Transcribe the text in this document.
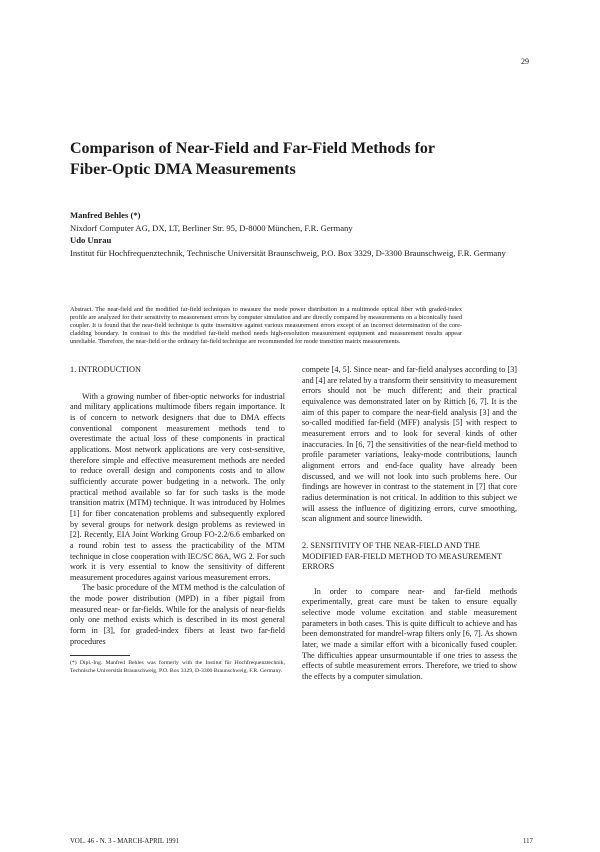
29
Comparison of Near-Field and Far-Field Methods for Fiber-Optic DMA Measurements
Manfred Behles (*)
Nixdorf Computer AG, DX, LT, Berliner Str. 95, D-8000 München, F.R. Germany
Udo Unrau
Institut für Hochfrequenztechnik, Technische Universität Braunschweig, P.O. Box 3329, D-3300 Braunschweig, F.R. Germany
Abstract. The near-field and the modified far-field techniques to measure the mode power distribution in a multimode optical fiber with graded-index profile are analyzed for their sensitivity to measurement errors by computer simulation and are directly compared by measurements on a biconically fused coupler. It is found that the near-field technique is quite insensitive against various measurement errors except of an incorrect determination of the core-cladding boundary. In contrast to this the modified far-field method needs high-resolution measurement equipment and measurement results appear unreliable. Therefore, the near-field or the ordinary far-field technique are recommended for mode transition matrix measurements.
1. INTRODUCTION

With a growing number of fiber-optic networks for industrial and military applications multimode fibers regain importance. It is of concern to network designers that due to DMA effects conventional component measurement methods tend to overestimate the actual loss of these components in practical applications. Most network applications are very cost-sensitive, therefore simple and effective measurement methods are needed to reduce overall design and components costs and to allow sufficiently accurate power budgeting in a network. The only practical method available so far for such tasks is the mode transition matrix (MTM) technique. It was introduced by Holmes [1] for fiber concatenation problems and subsequently explored by several groups for network design problems as reviewed in [2]. Recently, EIA Joint Working Group FO-2.2/6.6 embarked on a round robin test to assess the practicability of the MTM technique in close cooperation with IEC/SC 86A, WG 2. For such work it is very essential to know the sensitivity of different measurement procedures against various measurement errors.

The basic procedure of the MTM method is the calculation of the mode power distribution (MPD) in a fiber pigtail from measured near- or far-fields. While for the analysis of near-fields only one method exists which is described in its most general form in [3], for graded-index fibers at least two far-field procedures

(*) Dipl.-Ing. Manfred Behles was formerly with the Institut für Hochfrequenztechnik, Technische Universität Braunschweig, P.O. Box 3329, D-3300 Braunschweig, F.R. Germany.

compete [4, 5]. Since near- and far-field analyses according to [3] and [4] are related by a transform their sensitivity to measurement errors should not be much different; and their practical equivalence was demonstrated later on by Rittich [6, 7]. It is the aim of this paper to compare the near-field analysis [3] and the so-called modified far-field (MFF) analysis [5] with respect to measurement errors and to look for several kinds of other inaccuracies. In [6, 7] the sensitivities of the near-field method to profile parameter variations, leaky-mode contributions, launch alignment errors and end-face quality have already been discussed, and we will not look into such problems here. Our findings are however in contrast to the statement in [7] that core radius determination is not critical. In addition to this subject we will assess the influence of digitizing errors, curve smoothing, scan alignment and source linewidth.

2. SENSITIVITY OF THE NEAR-FIELD AND THE MODIFIED FAR-FIELD METHOD TO MEASUREMENT ERRORS

In order to compare near- and far-field methods experimentally, great care must be taken to ensure equally selective mode volume excitation and stable measurement parameters in both cases. This is quite difficult to achieve and has been demonstrated for mandrel-wrap filters only [6, 7]. As shown later, we made a similar effort with a biconically fused coupler. The difficulties appear unsurmountable if one tries to assess the effects of subtle measurement errors. Therefore, we tried to show the effects by a computer simulation.

VOL. 46 - N. 3 - MARCH-APRIL 1991	117
